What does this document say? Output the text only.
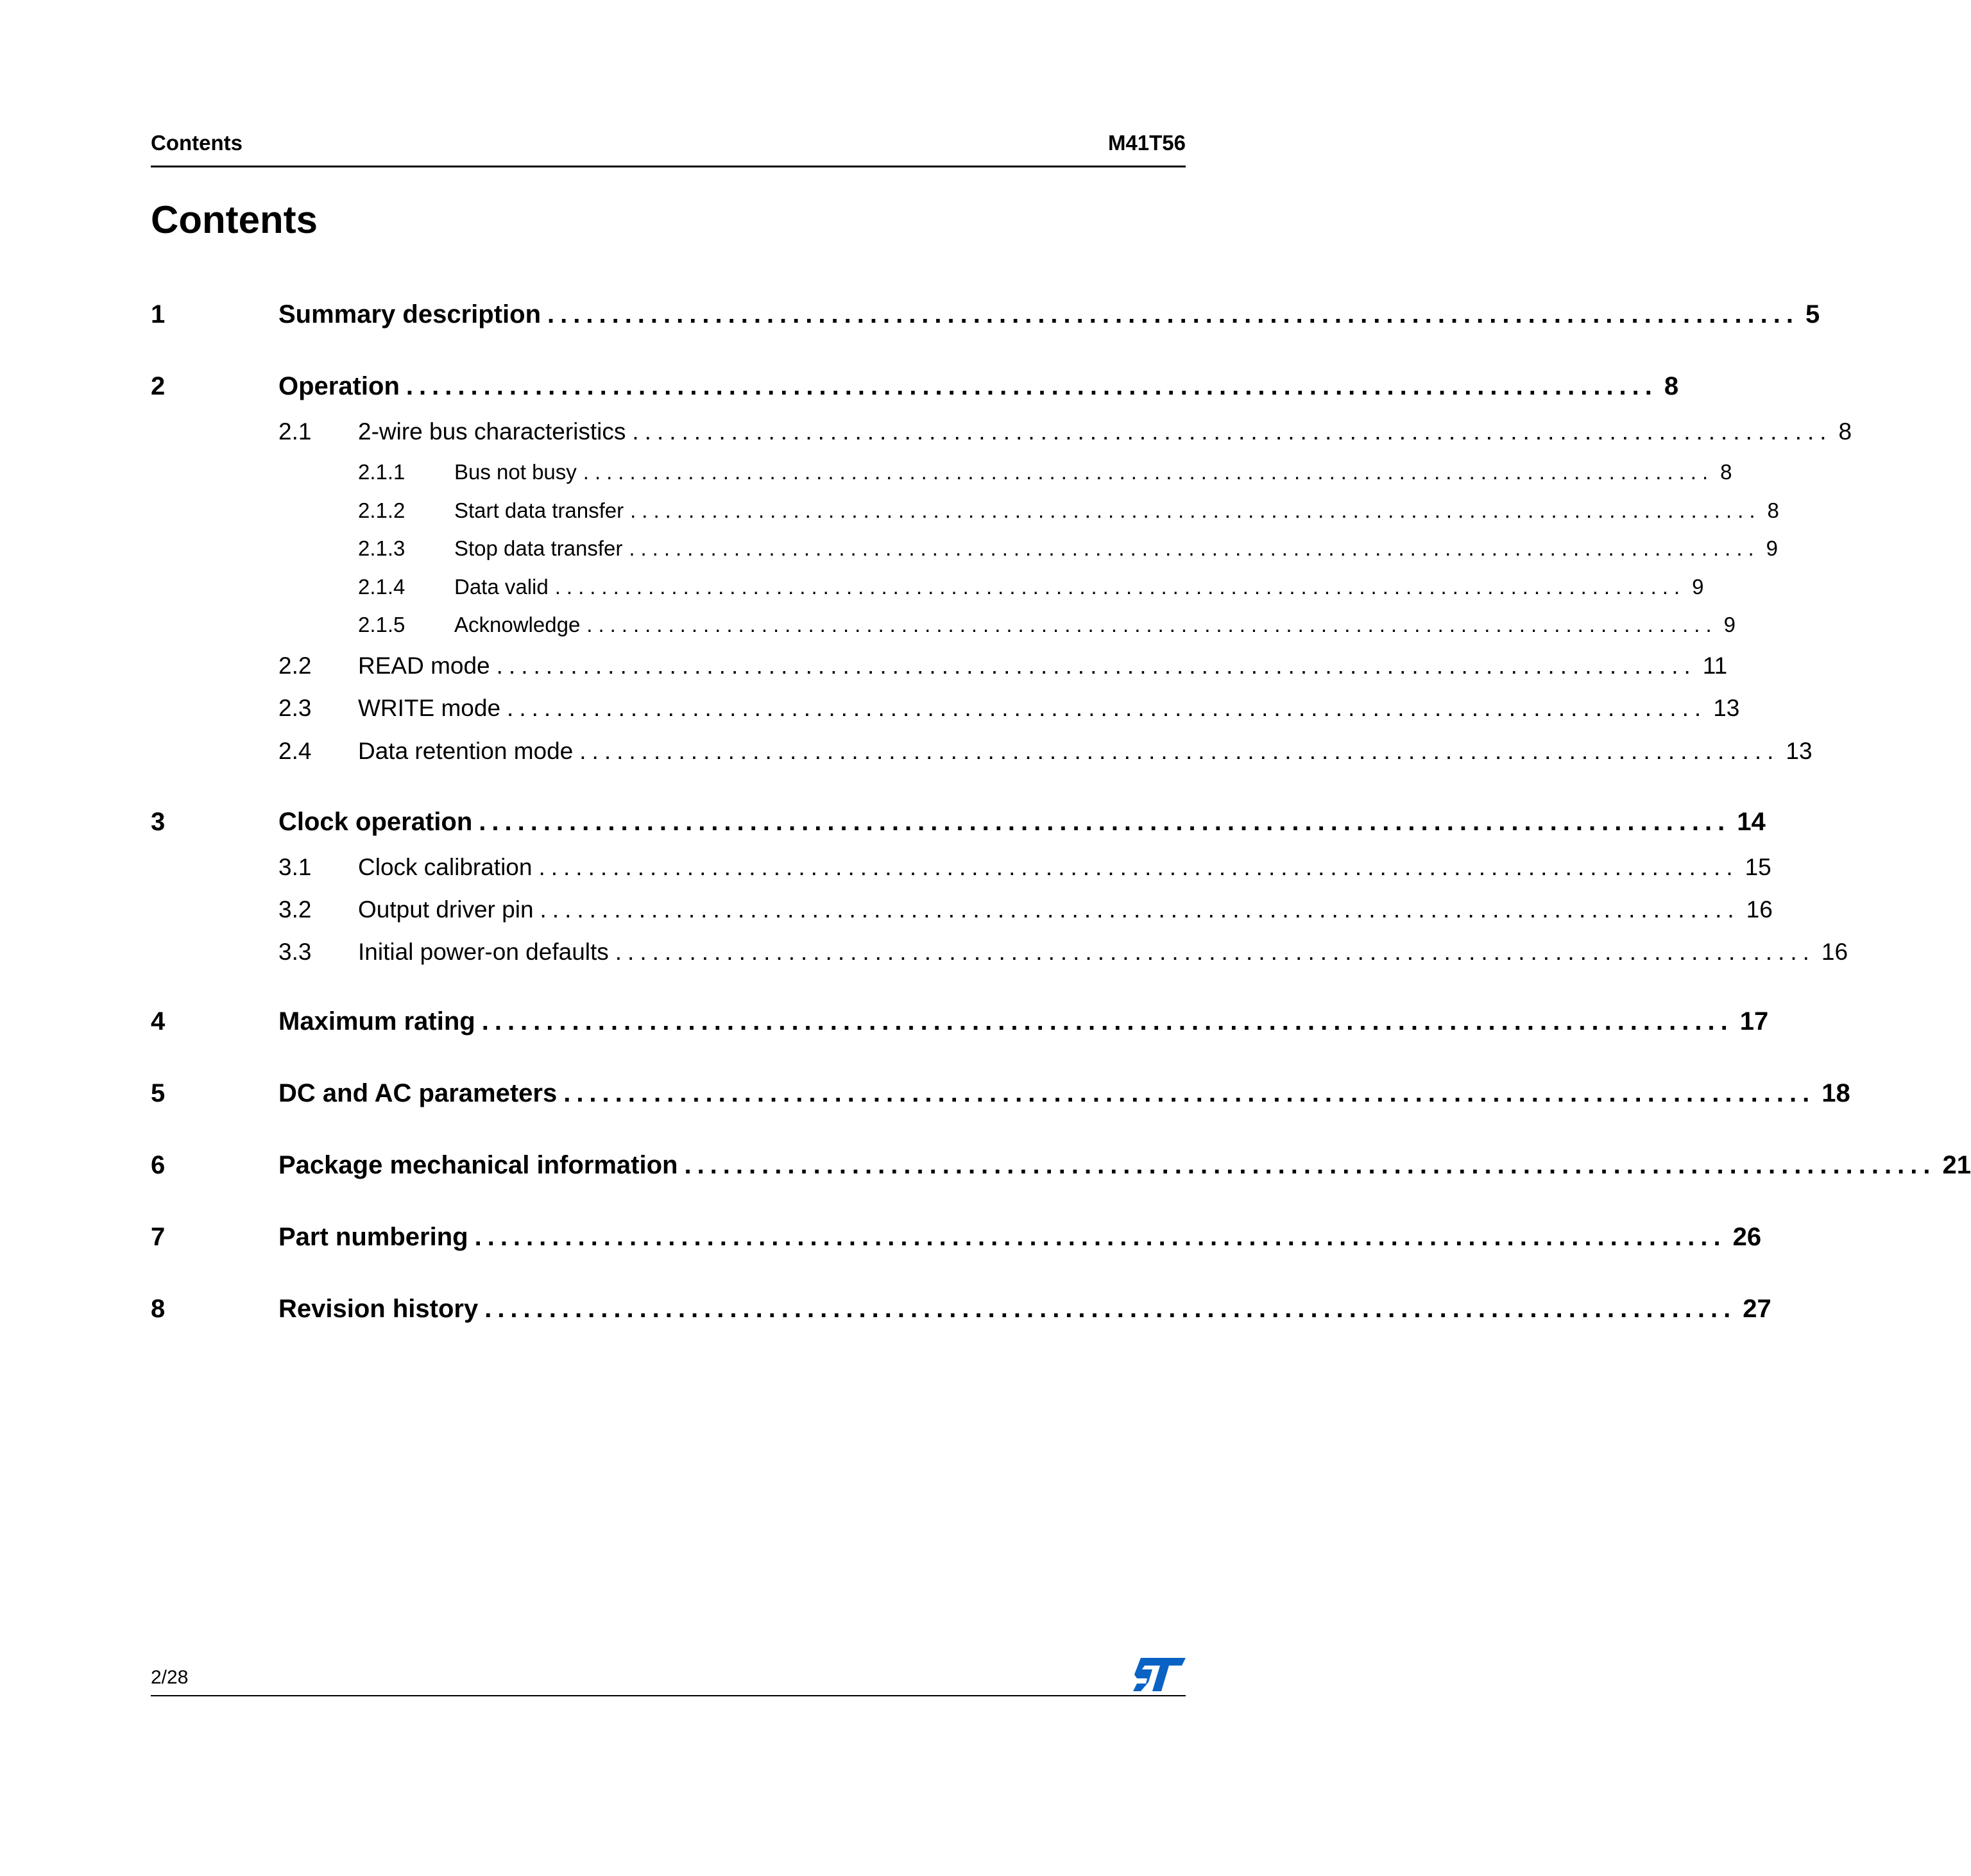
Contents	M41T56
Contents
1	Summary description ................................................................................................. 5
2	Operation ................................................................................................. 8
2.1	2-wire bus characteristics ................................................................................................. 8
2.1.1	Bus not busy ................................................................................................. 8
2.1.2	Start data transfer ................................................................................................. 8
2.1.3	Stop data transfer ................................................................................................. 9
2.1.4	Data valid ................................................................................................. 9
2.1.5	Acknowledge ................................................................................................. 9
2.2	READ mode ................................................................................................. 11
2.3	WRITE mode ................................................................................................. 13
2.4	Data retention mode ................................................................................................. 13
3	Clock operation ................................................................................................. 14
3.1	Clock calibration ................................................................................................. 15
3.2	Output driver pin ................................................................................................. 16
3.3	Initial power-on defaults ................................................................................................. 16
4	Maximum rating ................................................................................................. 17
5	DC and AC parameters ................................................................................................. 18
6	Package mechanical information ................................................................................................. 21
7	Part numbering ................................................................................................. 26
8	Revision history ................................................................................................. 27
2/28
